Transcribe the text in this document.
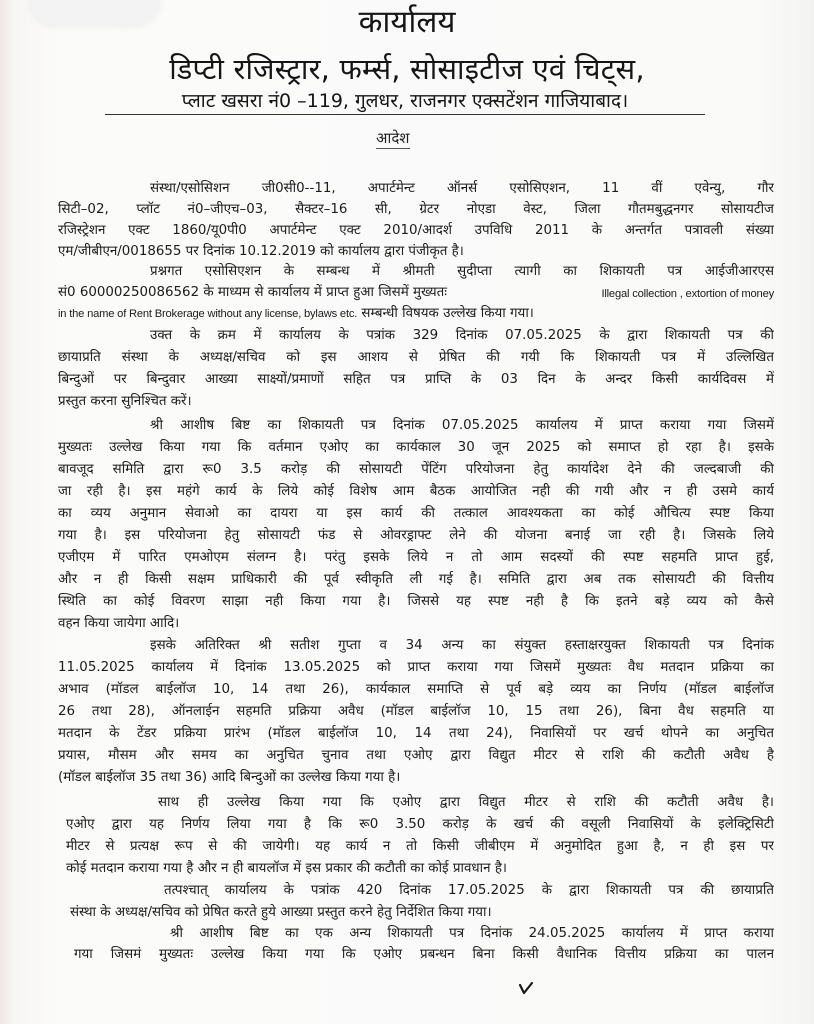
कार्यालय
डिप्टी रजिस्ट्रार, फर्म्स, सोसाइटीज एवं चिट्स,
प्लाट खसरा नं0 –119, गुलधर, राजनगर एक्सटेंशन गाजियाबाद।
आदेश
संस्था/एसोसिशन जी0सी0--11, अपार्टमेन्ट ऑनर्स एसोसिएशन, 11 वीं एवेन्यु, गौर
सिटी–02, प्लॉट नं0–जीएच–03, सैक्टर–16 सी, ग्रेटर नोएडा वेस्ट, जिला गौतमबुद्धनगर सोसायटीज
रजिस्ट्रेशन एक्ट 1860/यू0पी0 अपार्टमेन्ट एक्ट 2010/आदर्श उपविधि 2011 के अन्तर्गत पत्रावली संख्या
एम/जीबीएन/0018655 पर दिनांक 10.12.2019 को कार्यालय द्वारा पंजीकृत है।
प्रश्नगत एसोसिएशन के सम्बन्ध में श्रीमती सुदीप्ता त्यागी का शिकायती पत्र आईजीआरएस
सं0 60000250086562 के माध्यम से कार्यालय में प्राप्त हुआ जिसमें मुख्यतः	Illegal collection , extortion of money
in the name of Rent Brokerage without any license, bylaws etc. सम्बन्धी विषयक उल्लेख किया गया।
उक्त के क्रम में कार्यालय के पत्रांक 329 दिनांक 07.05.2025 के द्वारा शिकायती पत्र की
छायाप्रति संस्था के अध्यक्ष/सचिव को इस आशय से प्रेषित की गयी कि शिकायती पत्र में उल्लिखित
बिन्दुओं पर बिन्दुवार आख्या साक्ष्यों/प्रमाणों सहित पत्र प्राप्ति के 03 दिन के अन्दर किसी कार्यदिवस में
प्रस्तुत करना सुनिश्चित करें।
श्री आशीष बिष्ट का शिकायती पत्र दिनांक 07.05.2025 कार्यालय में प्राप्त कराया गया जिसमें
मुख्यतः उल्लेख किया गया कि वर्तमान एओए का कार्यकाल 30 जून 2025 को समाप्त हो रहा है। इसके
बावजूद समिति द्वारा रू0 3.5 करोड़ की सोसायटी पेंटिंग परियोजना हेतु कार्यादेश देने की जल्दबाजी की
जा रही है। इस महंगे कार्य के लिये कोई विशेष आम बैठक आयोजित नही की गयी और न ही उसमे कार्य
का व्यय अनुमान सेवाओ का दायरा या इस कार्य की तत्काल आवश्यकता का कोई औचित्य स्पष्ट किया
गया है। इस परियोजना हेतु सोसायटी फंड से ओवरड्राफ्ट लेने की योजना बनाई जा रही है। जिसके लिये
एजीएम में पारित एमओएम संलग्न है। परंतु इसके लिये न तो आम सदस्यों की स्पष्ट सहमति प्राप्त हुई,
और न ही किसी सक्षम प्राधिकारी की पूर्व स्वीकृति ली गई है। समिति द्वारा अब तक सोसायटी की वित्तीय
स्थिति का कोई विवरण साझा नही किया गया है। जिससे यह स्पष्ट नही है कि इतने बड़े व्यय को कैसे
वहन किया जायेगा आदि।
इसके अतिरिक्त श्री सतीश गुप्ता व 34 अन्य का संयुक्त हस्ताक्षरयुक्त शिकायती पत्र दिनांक
11.05.2025 कार्यालय में दिनांक 13.05.2025 को प्राप्त कराया गया जिसमें मुख्यतः वैध मतदान प्रक्रिया का
अभाव (मॉडल बाईलॉज 10, 14 तथा 26), कार्यकाल समाप्ति से पूर्व बड़े व्यय का निर्णय (मॉडल बाईलॉज
26 तथा 28), ऑनलाईन सहमति प्रक्रिया अवैध (मॉडल बाईलॉज 10, 15 तथा 26), बिना वैध सहमति या
मतदान के टेंडर प्रक्रिया प्रारंभ (मॉडल बाईलॉज 10, 14 तथा 24), निवासियों पर खर्च थोपने का अनुचित
प्रयास, मौसम और समय का अनुचित चुनाव तथा एओए द्वारा विद्युत मीटर से राशि की कटौती अवैध है
(मॉडल बाईलॉज 35 तथा 36) आदि बिन्दुओं का उल्लेख किया गया है।
साथ ही उल्लेख किया गया कि एओए द्वारा विद्युत मीटर से राशि की कटौती अवैध है।
एओए द्वारा यह निर्णय लिया गया है कि रू0 3.50 करोड़ के खर्च की वसूली निवासियों के इलेक्ट्रिसिटी
मीटर से प्रत्यक्ष रूप से की जायेगी। यह कार्य न तो किसी जीबीएम में अनुमोदित हुआ है, न ही इस पर
कोई मतदान कराया गया है और न ही बायलॉज में इस प्रकार की कटौती का कोई प्रावधान है।
तत्पश्चात् कार्यालय के पत्रांक 420 दिनांक 17.05.2025 के द्वारा शिकायती पत्र की छायाप्रति
संस्था के अध्यक्ष/सचिव को प्रेषित करते हुये आख्या प्रस्तुत करने हेतु निर्देशित किया गया।
श्री आशीष बिष्ट का एक अन्य शिकायती पत्र दिनांक 24.05.2025 कार्यालय में प्राप्त कराया
गया जिसमं मुख्यतः उल्लेख किया गया कि एओए प्रबन्धन बिना किसी वैधानिक वित्तीय प्रक्रिया का पालन
